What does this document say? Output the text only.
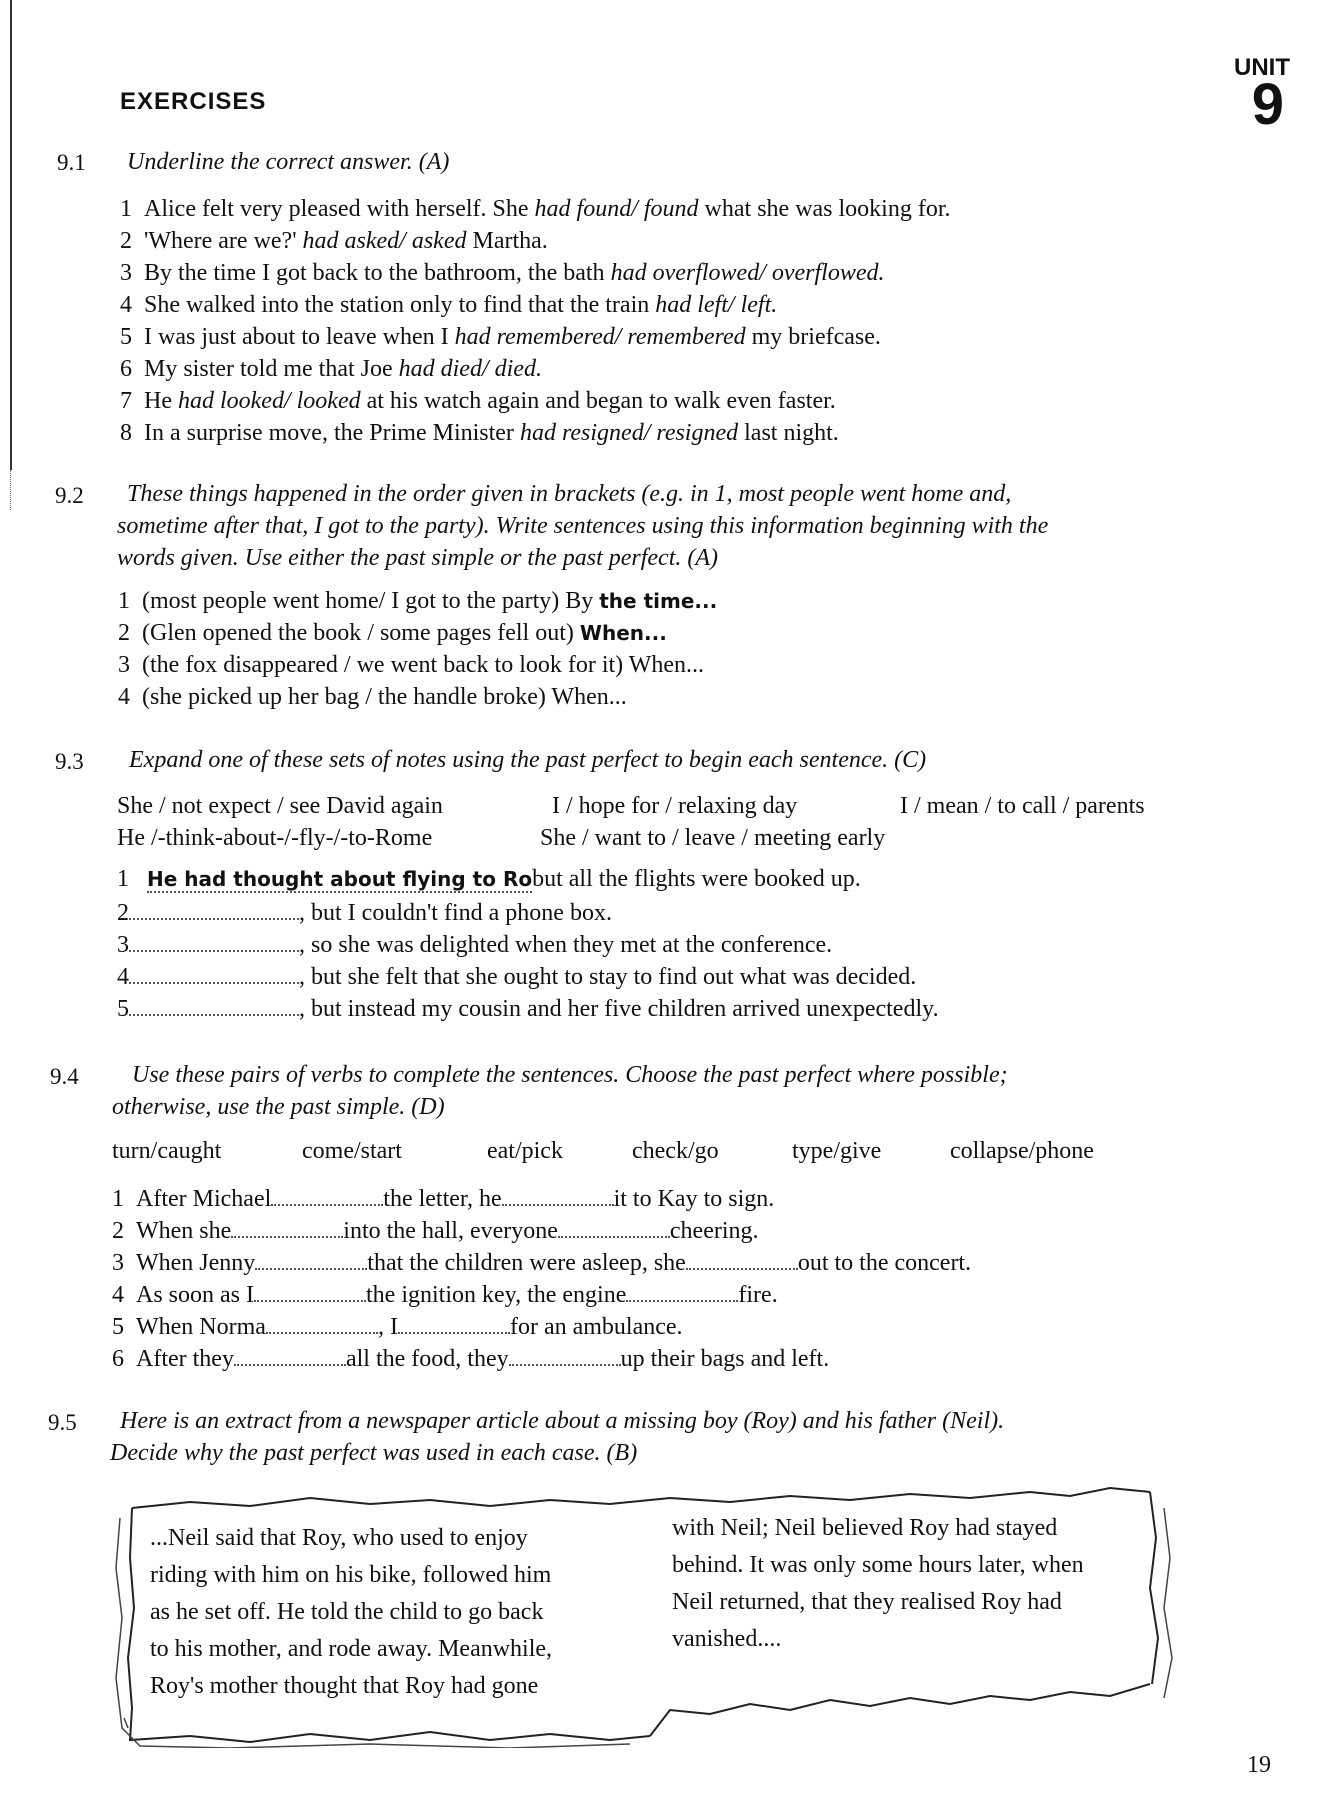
UNIT
9
EXERCISES
9.1 Underline the correct answer. (A)
1 Alice felt very pleased with herself. She had found/ found what she was looking for.
2 'Where are we?' had asked/ asked Martha.
3 By the time I got back to the bathroom, the bath had overflowed/ overflowed.
4 She walked into the station only to find that the train had left/ left.
5 I was just about to leave when I had remembered/ remembered my briefcase.
6 My sister told me that Joe had died/ died.
7 He had looked/ looked at his watch again and began to walk even faster.
8 In a surprise move, the Prime Minister had resigned/ resigned last night.
9.2 These things happened in the order given in brackets (e.g. in 1, most people went home and,
sometime after that, I got to the party). Write sentences using this information beginning with the
words given. Use either the past simple or the past perfect. (A)
1 (most people went home/ I got to the party) By the time...
2 (Glen opened the book / some pages fell out) When...
3 (the fox disappeared / we went back to look for it) When...
4 (she picked up her bag / the handle broke) When...
9.3 Expand one of these sets of notes using the past perfect to begin each sentence. (C)
She / not expect / see David again	I / hope for / relaxing day	I / mean / to call / parents
He /-think-about-/-fly-/-to-Rome	She / want to / leave / meeting early
1 He had thought about flying to Robut all the flights were booked up.
2	, but I couldn't find a phone box.
3	, so she was delighted when they met at the conference.
4	, but she felt that she ought to stay to find out what was decided.
5	, but instead my cousin and her five children arrived unexpectedly.
9.4 Use these pairs of verbs to complete the sentences. Choose the past perfect where possible;
otherwise, use the past simple. (D)
turn/caught	come/start	eat/pick	check/go	type/give	collapse/phone
1 After Michael	the letter, he	it to Kay to sign.
2 When she	into the hall, everyone	cheering.
3 When Jenny	that the children were asleep, she	out to the concert.
4 As soon as I	the ignition key, the engine	fire.
5 When Norma	, I	for an ambulance.
6 After they	all the food, they	up their bags and left.
9.5 Here is an extract from a newspaper article about a missing boy (Roy) and his father (Neil).
Decide why the past perfect was used in each case. (B)
...Neil said that Roy, who used to enjoy
riding with him on his bike, followed him
as he set off. He told the child to go back
to his mother, and rode away. Meanwhile,
Roy's mother thought that Roy had gone
with Neil; Neil believed Roy had stayed
behind. It was only some hours later, when
Neil returned, that they realised Roy had
vanished....
19
